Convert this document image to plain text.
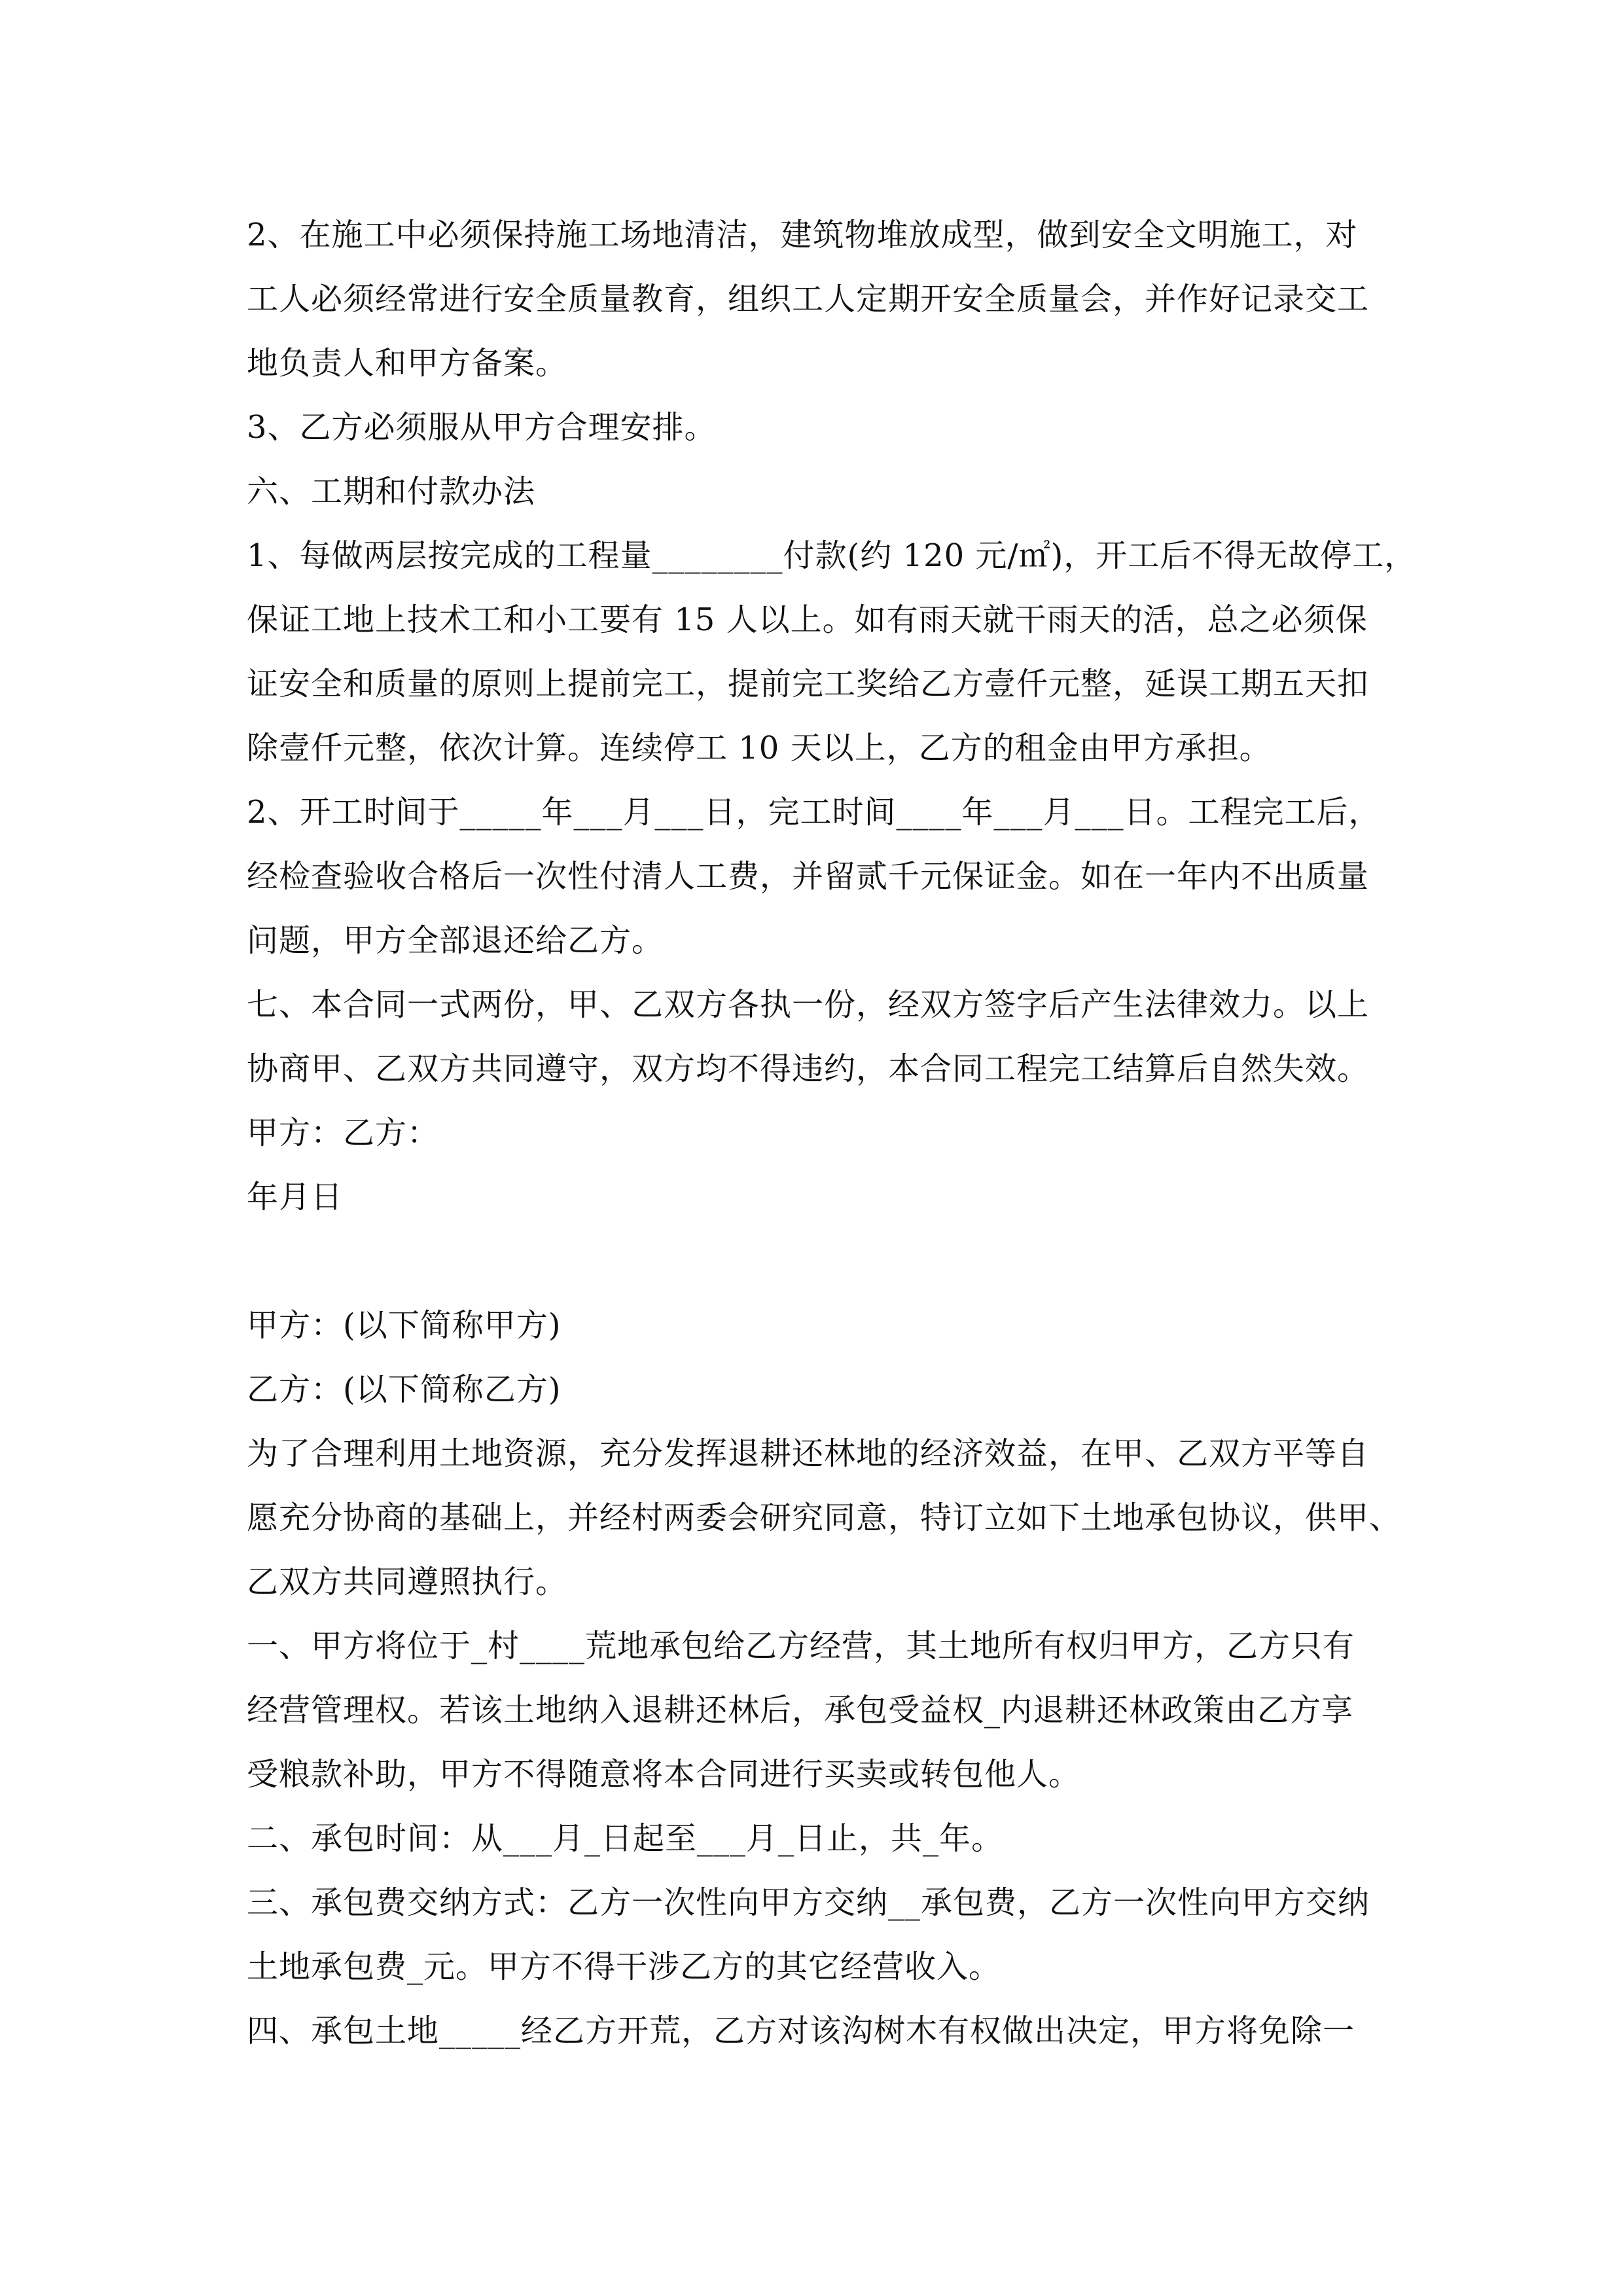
2、在施工中必须保持施工场地清洁，建筑物堆放成型，做到安全文明施工，对
工人必须经常进行安全质量教育，组织工人定期开安全质量会，并作好记录交工
地负责人和甲方备案。
3、乙方必须服从甲方合理安排。
六、工期和付款办法
1、每做两层按完成的工程量________付款(约 120 元/㎡)，开工后不得无故停工，
保证工地上技术工和小工要有 15 人以上。如有雨天就干雨天的活，总之必须保
证安全和质量的原则上提前完工，提前完工奖给乙方壹仟元整，延误工期五天扣
除壹仟元整，依次计算。连续停工 10 天以上，乙方的租金由甲方承担。
2、开工时间于_____年___月___日，完工时间____年___月___日。工程完工后，
经检查验收合格后一次性付清人工费，并留贰千元保证金。如在一年内不出质量
问题，甲方全部退还给乙方。
七、本合同一式两份，甲、乙双方各执一份，经双方签字后产生法律效力。以上
协商甲、乙双方共同遵守，双方均不得违约，本合同工程完工结算后自然失效。
甲方：乙方：
年月日
甲方：(以下简称甲方)
乙方：(以下简称乙方)
为了合理利用土地资源，充分发挥退耕还林地的经济效益，在甲、乙双方平等自
愿充分协商的基础上，并经村两委会研究同意，特订立如下土地承包协议，供甲、
乙双方共同遵照执行。
一、甲方将位于_村____荒地承包给乙方经营，其土地所有权归甲方，乙方只有
经营管理权。若该土地纳入退耕还林后，承包受益权_内退耕还林政策由乙方享
受粮款补助，甲方不得随意将本合同进行买卖或转包他人。
二、承包时间：从___月_日起至___月_日止，共_年。
三、承包费交纳方式：乙方一次性向甲方交纳__承包费，乙方一次性向甲方交纳
土地承包费_元。甲方不得干涉乙方的其它经营收入。
四、承包土地_____经乙方开荒，乙方对该沟树木有权做出决定，甲方将免除一
